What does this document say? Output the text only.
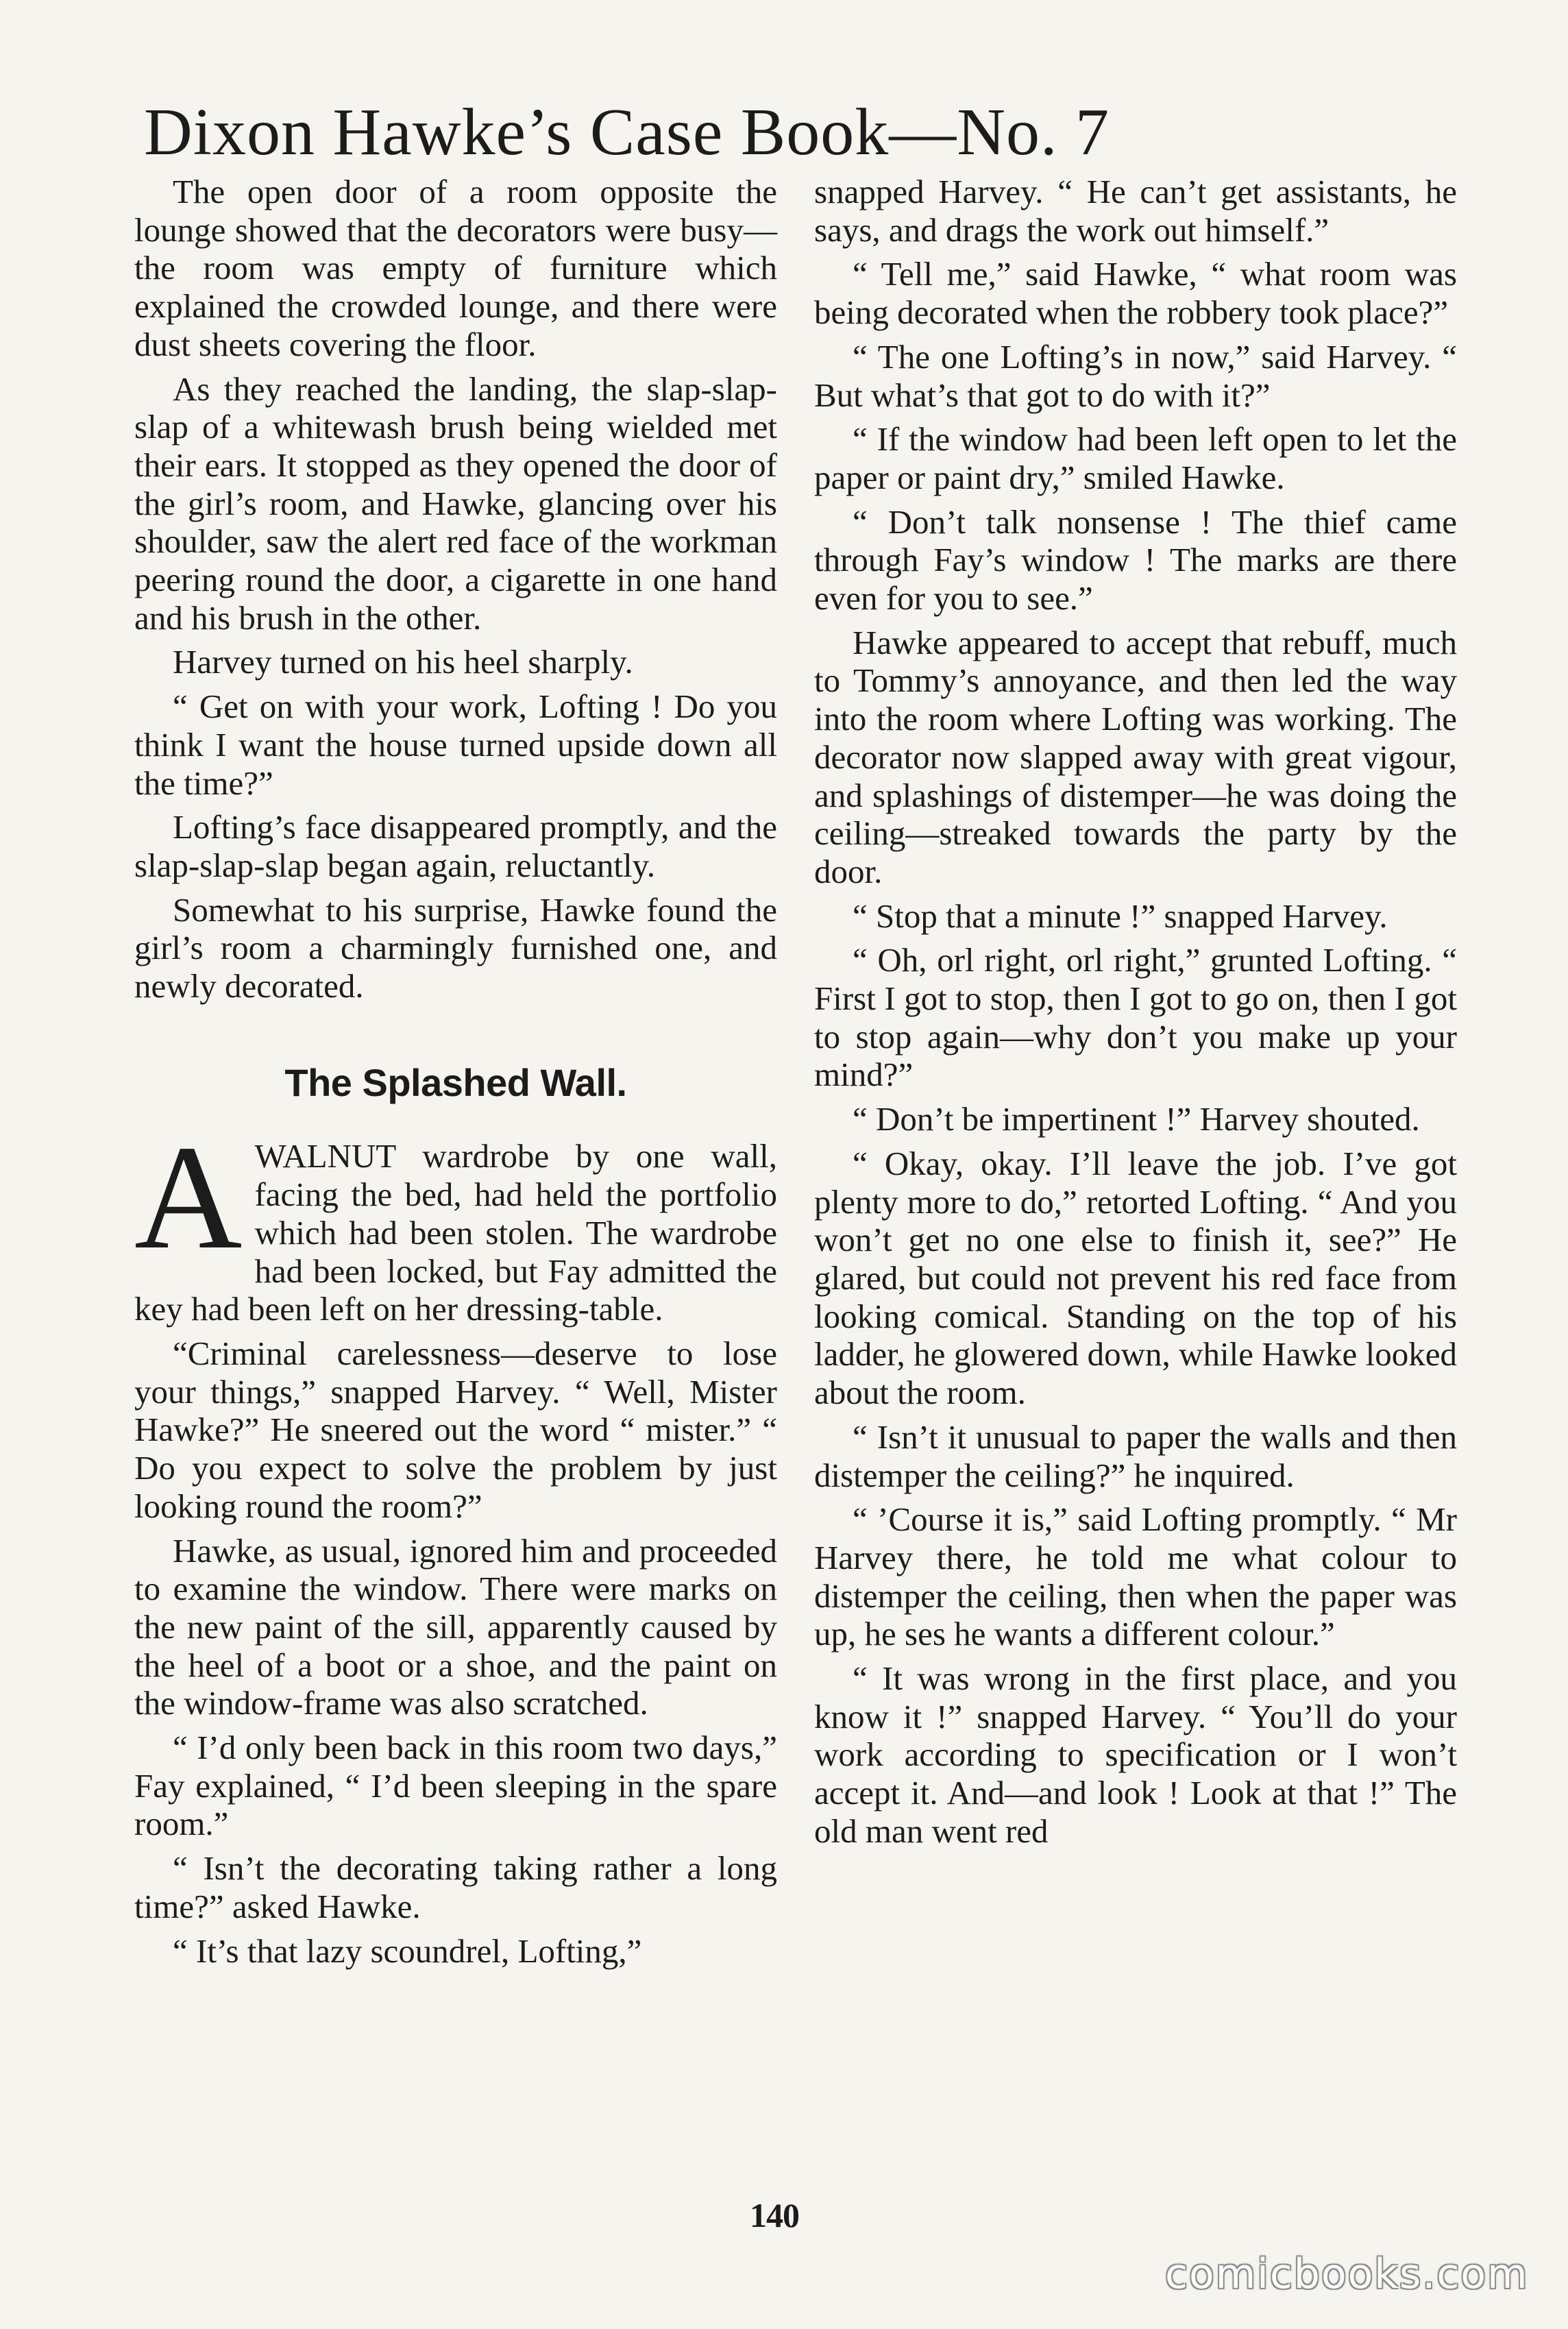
Dixon Hawke’s Case Book—No. 7

The open door of a room opposite the lounge showed that the decorators were busy—the room was empty of furniture which explained the crowded lounge, and there were dust sheets covering the floor.

As they reached the landing, the slap-slap-slap of a whitewash brush being wielded met their ears. It stopped as they opened the door of the girl’s room, and Hawke, glancing over his shoulder, saw the alert red face of the workman peering round the door, a cigarette in one hand and his brush in the other.

Harvey turned on his heel sharply.

“ Get on with your work, Lofting ! Do you think I want the house turned upside down all the time?”

Lofting’s face disappeared promptly, and the slap-slap-slap began again, reluctantly.

Somewhat to his surprise, Hawke found the girl’s room a charmingly furnished one, and newly decorated.

The Splashed Wall.

AWALNUT wardrobe by one wall, facing the bed, had held the portfolio which had been stolen. The wardrobe had been locked, but Fay admitted the key had been left on her dressing-table.

“Criminal carelessness—deserve to lose your things,” snapped Harvey. “ Well, Mister Hawke?” He sneered out the word “ mister.” “ Do you expect to solve the problem by just looking round the room?”

Hawke, as usual, ignored him and proceeded to examine the window. There were marks on the new paint of the sill, apparently caused by the heel of a boot or a shoe, and the paint on the window-frame was also scratched.

“ I’d only been back in this room two days,” Fay explained, “ I’d been sleeping in the spare room.”

“ Isn’t the decorating taking rather a long time?” asked Hawke.

“ It’s that lazy scoundrel, Lofting,”

snapped Harvey. “ He can’t get assistants, he says, and drags the work out himself.”

“ Tell me,” said Hawke, “ what room was being decorated when the robbery took place?”

“ The one Lofting’s in now,” said Harvey. “ But what’s that got to do with it?”

“ If the window had been left open to let the paper or paint dry,” smiled Hawke.

“ Don’t talk nonsense ! The thief came through Fay’s window ! The marks are there even for you to see.”

Hawke appeared to accept that rebuff, much to Tommy’s annoyance, and then led the way into the room where Lofting was working. The decorator now slapped away with great vigour, and splashings of distemper—he was doing the ceiling—streaked towards the party by the door.

“ Stop that a minute !” snapped Harvey.

“ Oh, orl right, orl right,” grunted Lofting. “ First I got to stop, then I got to go on, then I got to stop again—why don’t you make up your mind?”

“ Don’t be impertinent !” Harvey shouted.

“ Okay, okay. I’ll leave the job. I’ve got plenty more to do,” retorted Lofting. “ And you won’t get no one else to finish it, see?” He glared, but could not prevent his red face from looking comical. Standing on the top of his ladder, he glowered down, while Hawke looked about the room.

“ Isn’t it unusual to paper the walls and then distemper the ceiling?” he inquired.

“ ’Course it is,” said Lofting promptly. “ Mr Harvey there, he told me what colour to distemper the ceiling, then when the paper was up, he ses he wants a different colour.”

“ It was wrong in the first place, and you know it !” snapped Harvey. “ You’ll do your work according to specification or I won’t accept it. And—and look ! Look at that !” The old man went red

140
comicbooks.com
